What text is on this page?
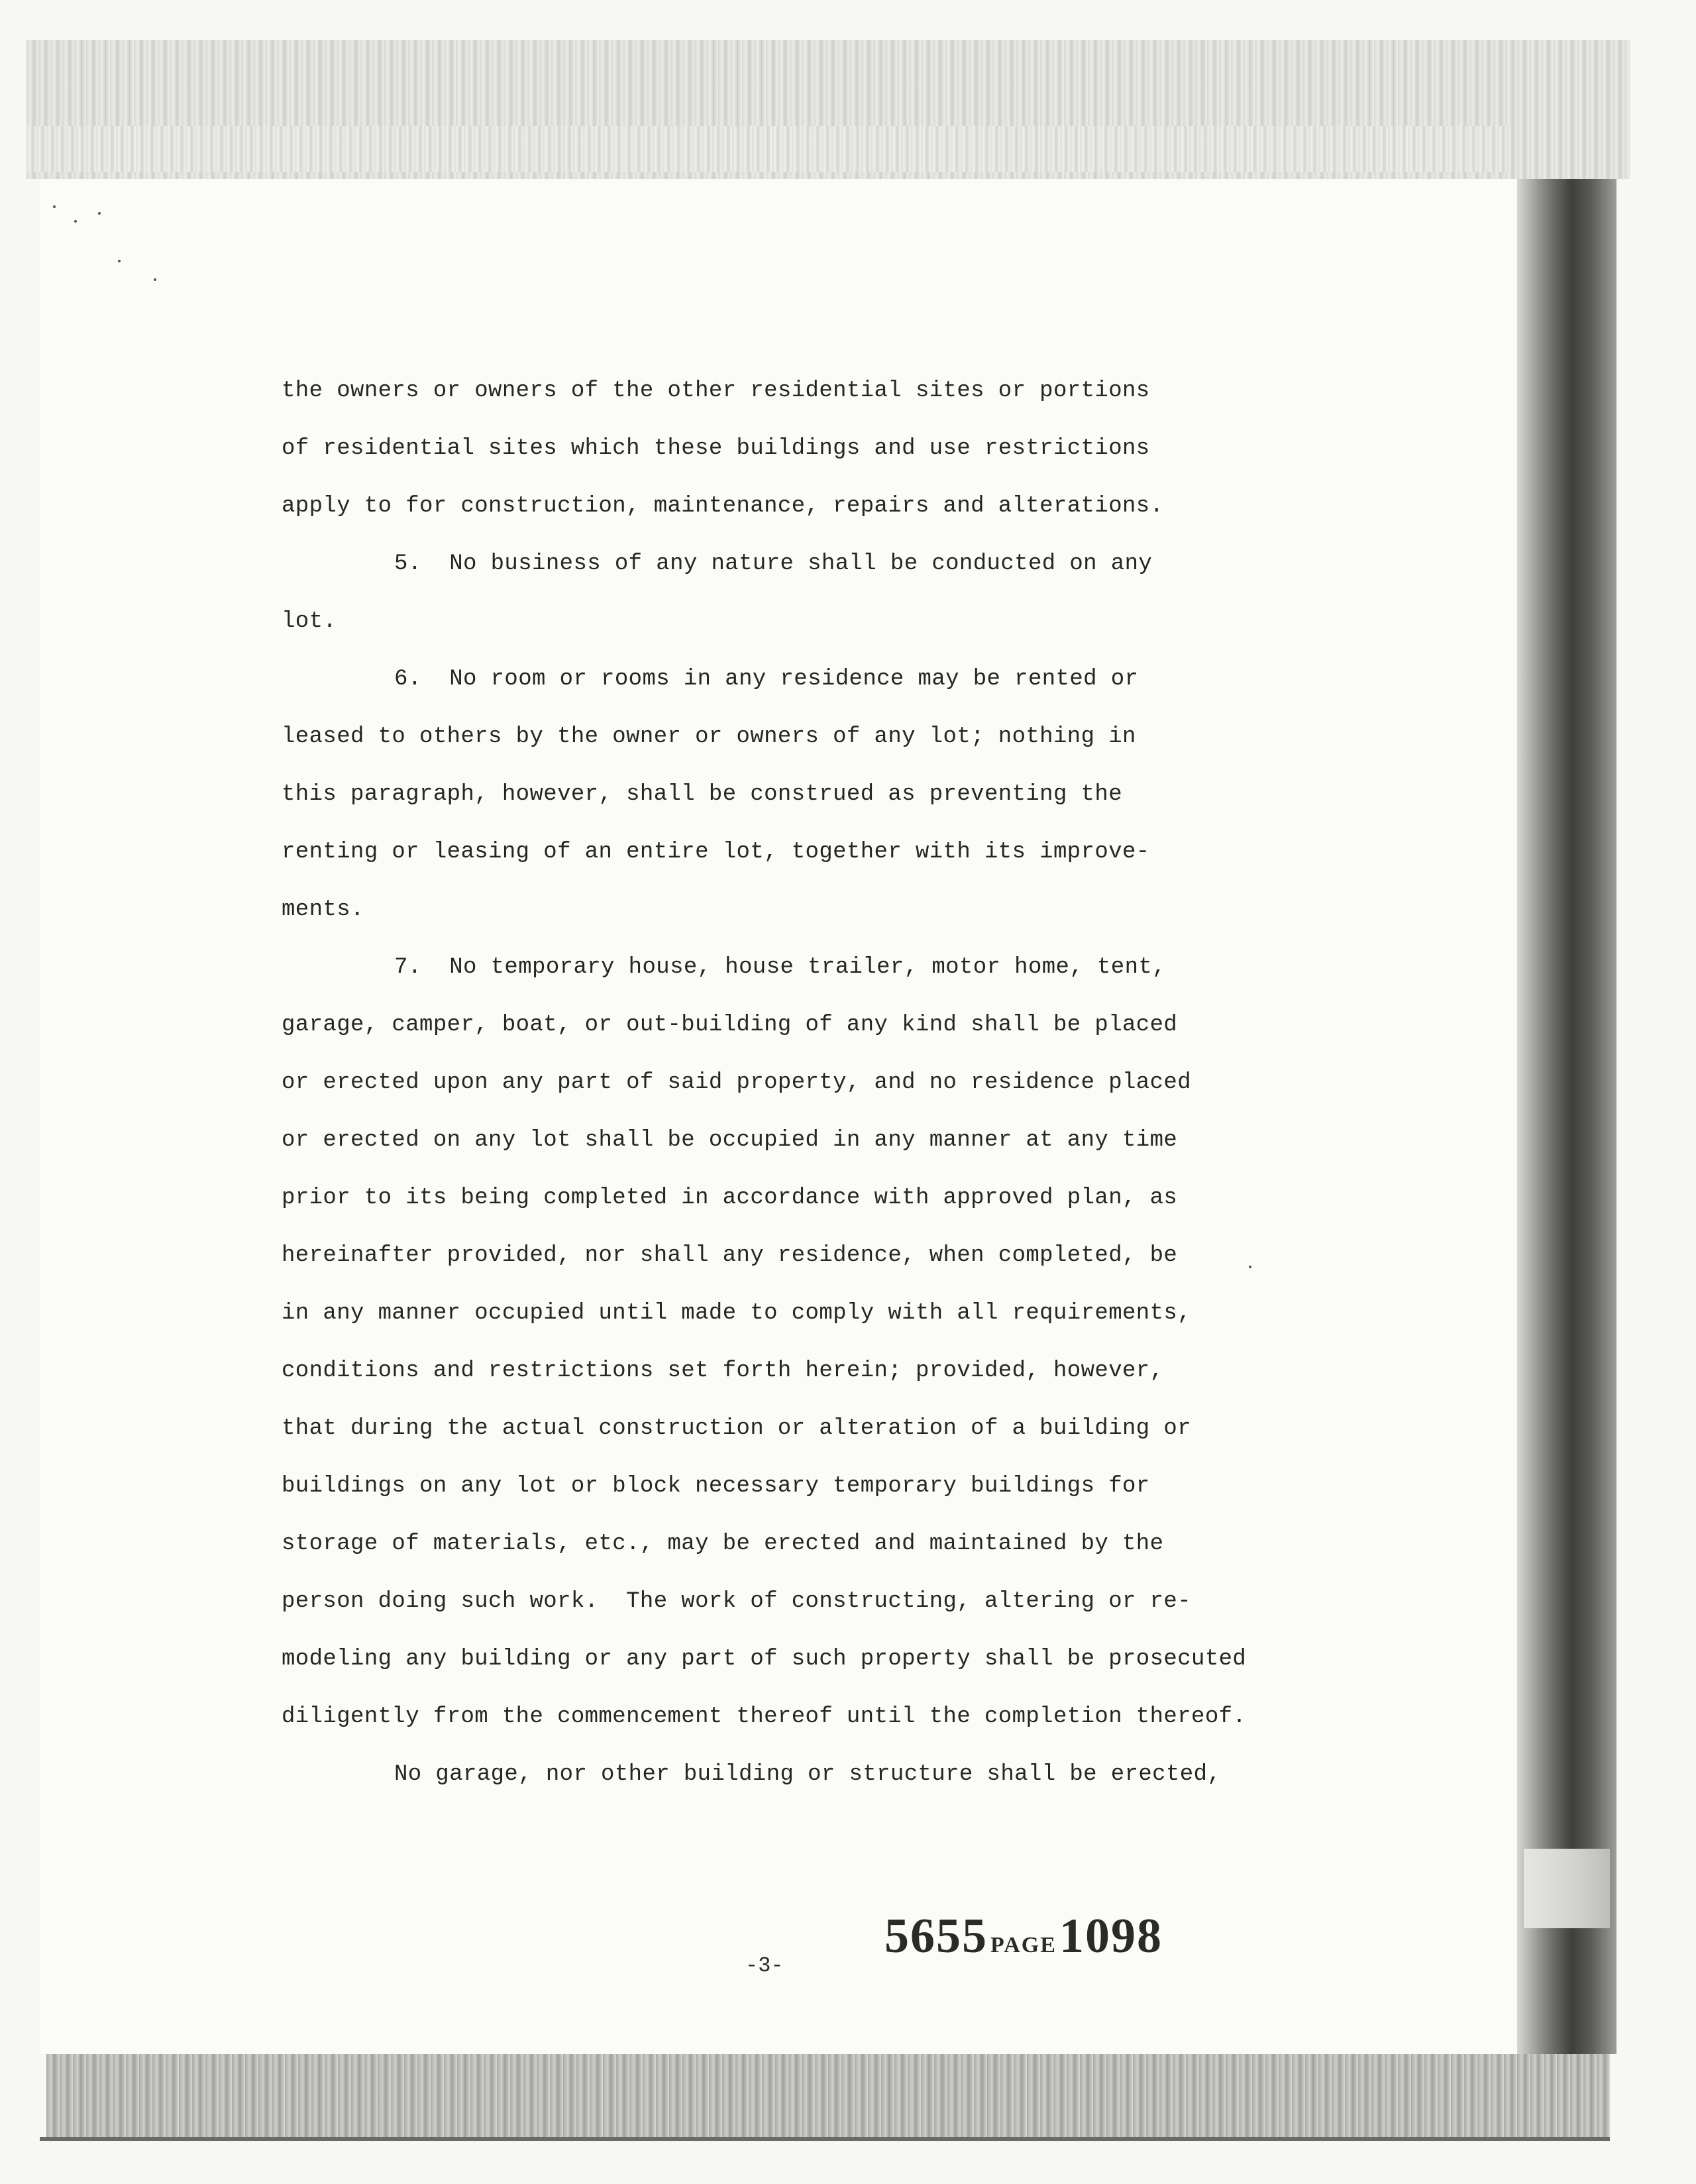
the owners or owners of the other residential sites or portions
of residential sites which these buildings and use restrictions
apply to for construction, maintenance, repairs and alterations.
5.  No business of any nature shall be conducted on any
lot.
6.  No room or rooms in any residence may be rented or
leased to others by the owner or owners of any lot; nothing in
this paragraph, however, shall be construed as preventing the
renting or leasing of an entire lot, together with its improve-
ments.
7.  No temporary house, house trailer, motor home, tent,
garage, camper, boat, or out-building of any kind shall be placed
or erected upon any part of said property, and no residence placed
or erected on any lot shall be occupied in any manner at any time
prior to its being completed in accordance with approved plan, as
hereinafter provided, nor shall any residence, when completed, be
in any manner occupied until made to comply with all requirements,
conditions and restrictions set forth herein; provided, however,
that during the actual construction or alteration of a building or
buildings on any lot or block necessary temporary buildings for
storage of materials, etc., may be erected and maintained by the
person doing such work.  The work of constructing, altering or re-
modeling any building or any part of such property shall be prosecuted
diligently from the commencement thereof until the completion thereof.
No garage, nor other building or structure shall be erected,
-3-
5655 PAGE1098
